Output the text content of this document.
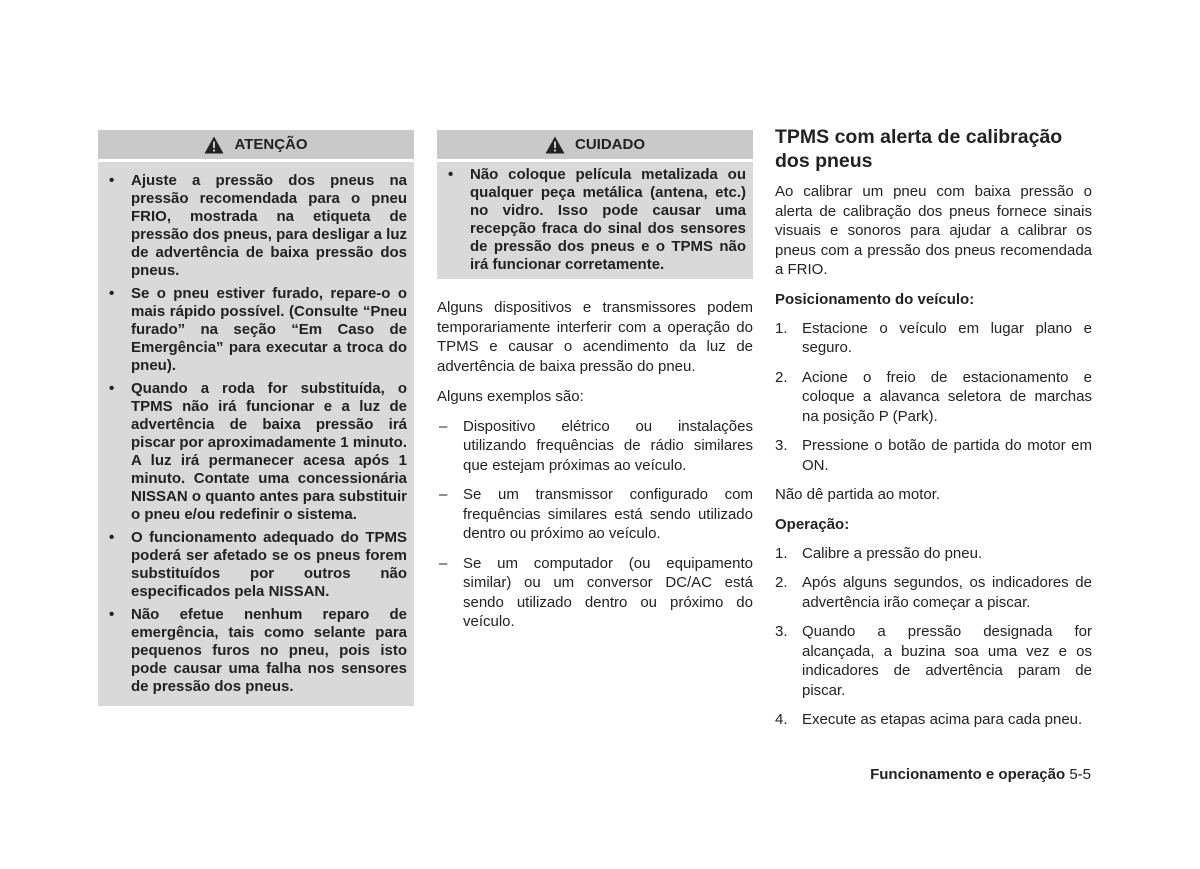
ATENÇÃO
• Ajuste a pressão dos pneus na pressão recomendada para o pneu FRIO, mostrada na etiqueta de pressão dos pneus, para desligar a luz de advertência de baixa pressão dos pneus.
• Se o pneu estiver furado, repare-o o mais rápido possível. (Consulte “Pneu furado” na seção “Em Caso de Emergência” para executar a troca do pneu).
• Quando a roda for substituída, o TPMS não irá funcionar e a luz de advertência de baixa pressão irá piscar por aproximadamente 1 minuto. A luz irá permanecer acesa após 1 minuto. Contate uma concessionária NISSAN o quanto antes para substituir o pneu e/ou redefinir o sistema.
• O funcionamento adequado do TPMS poderá ser afetado se os pneus forem substituídos por outros não especificados pela NISSAN.
• Não efetue nenhum reparo de emergência, tais como selante para pequenos furos no pneu, pois isto pode causar uma falha nos sensores de pressão dos pneus.
CUIDADO
• Não coloque película metalizada ou qualquer peça metálica (antena, etc.) no vidro. Isso pode causar uma recepção fraca do sinal dos sensores de pressão dos pneus e o TPMS não irá funcionar corretamente.

Alguns dispositivos e transmissores podem temporariamente interferir com a operação do TPMS e causar o acendimento da luz de advertência de baixa pressão do pneu.

Alguns exemplos são:

– Dispositivo elétrico ou instalações utilizando frequências de rádio similares que estejam próximas ao veículo.
– Se um transmissor configurado com frequências similares está sendo utilizado dentro ou próximo ao veículo.
– Se um computador (ou equipamento similar) ou um conversor DC/AC está sendo utilizado dentro ou próximo do veículo.
TPMS com alerta de calibração dos pneus

Ao calibrar um pneu com baixa pressão o alerta de calibração dos pneus fornece sinais visuais e sonoros para ajudar a calibrar os pneus com a pressão dos pneus recomendada a FRIO.

Posicionamento do veículo:

1. Estacione o veículo em lugar plano e seguro.
2. Acione o freio de estacionamento e coloque a alavanca seletora de marchas na posição P (Park).
3. Pressione o botão de partida do motor em ON.

Não dê partida ao motor.

Operação:

1. Calibre a pressão do pneu.
2. Após alguns segundos, os indicadores de advertência irão começar a piscar.
3. Quando a pressão designada for alcançada, a buzina soa uma vez e os indicadores de advertência param de piscar.
4. Execute as etapas acima para cada pneu.
Funcionamento e operação 5-5
